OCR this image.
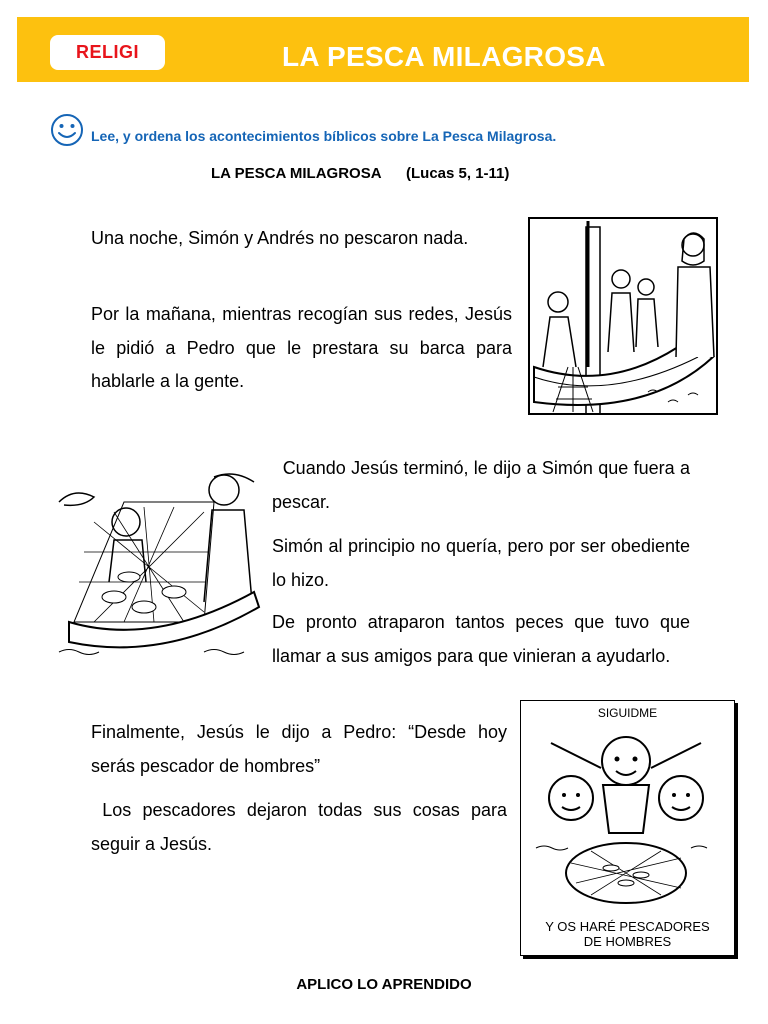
RELIGI	LA PESCA MILAGROSA
Lee, y ordena los acontecimientos bíblicos sobre La Pesca Milagrosa.
LA PESCA MILAGROSA      (Lucas 5, 1-11)

Una noche, Simón y Andrés no pescaron nada.

Por la mañana, mientras recogían sus redes, Jesús le pidió a Pedro que le prestara su barca para hablarle a la gente.

Cuando Jesús terminó, le dijo a Simón que fuera a pescar.

Simón al principio no quería, pero por ser obediente lo hizo.

De pronto atraparon tantos peces que tuvo que llamar a sus amigos para que vinieran a ayudarlo.

Finalmente, Jesús le dijo a Pedro: “Desde hoy serás pescador de hombres”

Los pescadores dejaron todas sus cosas para seguir a Jesús.

SIGUIDME
Y OS HARÉ PESCADORES
DE HOMBRES
APLICO LO APRENDIDO
